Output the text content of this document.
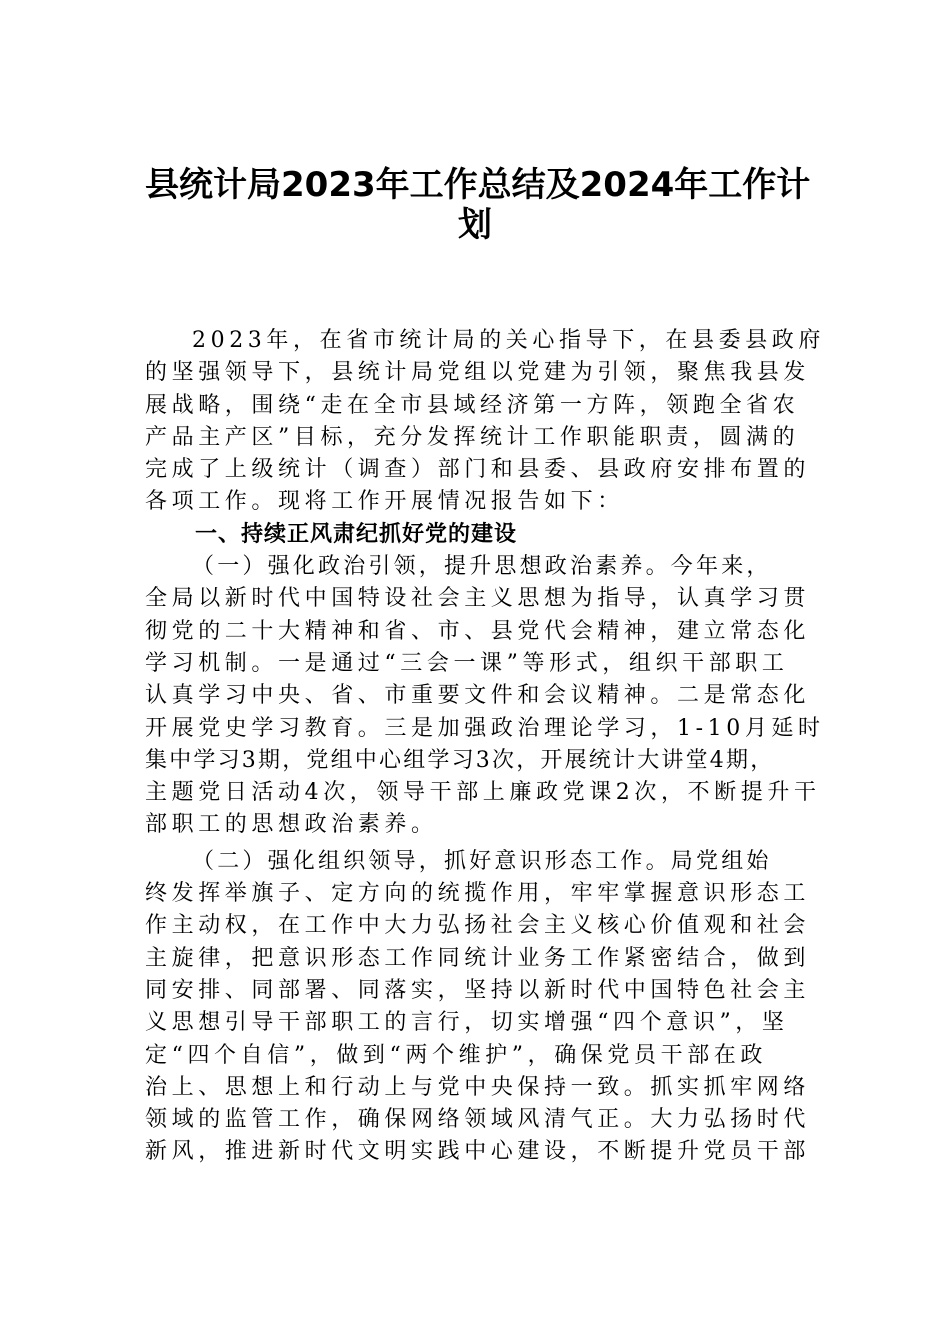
县统计局2023年工作总结及2024年工作计
划
2023年，在省市统计局的关心指导下，在县委县政府
的坚强领导下，县统计局党组以党建为引领，聚焦我县发
展战略，围绕“走在全市县域经济第一方阵，领跑全省农
产品主产区”目标，充分发挥统计工作职能职责，圆满的
完成了上级统计（调查）部门和县委、县政府安排布置的
各项工作。现将工作开展情况报告如下：
一、持续正风肃纪抓好党的建设
（一）强化政治引领，提升思想政治素养。今年来，
全局以新时代中国特设社会主义思想为指导，认真学习贯
彻党的二十大精神和省、市、县党代会精神，建立常态化
学习机制。一是通过“三会一课”等形式，组织干部职工
认真学习中央、省、市重要文件和会议精神。二是常态化
开展党史学习教育。三是加强政治理论学习，1-10月延时
集中学习3期，党组中心组学习3次，开展统计大讲堂4期，
主题党日活动4次，领导干部上廉政党课2次，不断提升干
部职工的思想政治素养。
（二）强化组织领导，抓好意识形态工作。局党组始
终发挥举旗子、定方向的统揽作用，牢牢掌握意识形态工
作主动权，在工作中大力弘扬社会主义核心价值观和社会
主旋律，把意识形态工作同统计业务工作紧密结合，做到
同安排、同部署、同落实，坚持以新时代中国特色社会主
义思想引导干部职工的言行，切实增强“四个意识”，坚
定“四个自信”，做到“两个维护”，确保党员干部在政
治上、思想上和行动上与党中央保持一致。抓实抓牢网络
领域的监管工作，确保网络领域风清气正。大力弘扬时代
新风，推进新时代文明实践中心建设，不断提升党员干部
